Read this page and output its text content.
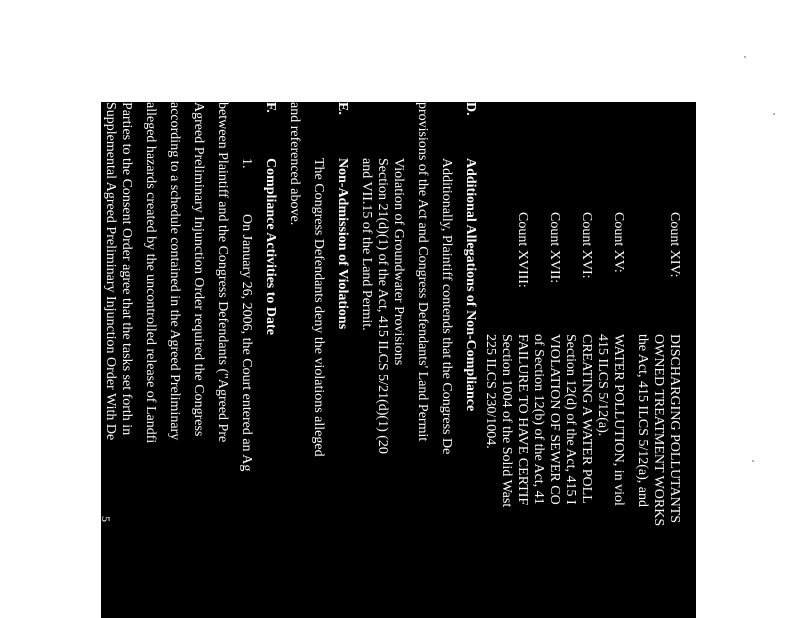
Count XIV:
DISCHARGING POLLUTANTS
OWNED TREATMENT WORKS
the Act, 415 ILCS 5/12(a), and
Count XV:
WATER POLLUTION, in viol
415 ILCS 5/12(a).
Count XVI:
CREATING A WATER POLL
Section 12(d) of the Act, 415 I
Count XVII:
VIOLATION OF SEWER CO
of Section 12(b) of the Act, 41
Count XVIII:
FAILURE TO HAVE CERTIF
Section 1004 of the Solid Wast
225 ILCS 230/1004.
D.
Additional Allegations of Non-Compliance
Additionally, Plaintiff contends that the Congress De
provisions of the Act and Congress Defendants' Land Permit
Violation of Groundwater Provisions
Section 21(d)(1) of the Act, 415 ILCS 5/21(d)(1) (20
and VII.15 of the Land Permit.
E.
Non-Admission of Violations
The Congress Defendants deny the violations alleged
and referenced above.
F.
Compliance Activities to Date
1.
On January 26, 2006, the Court entered an Ag
between Plaintiff and the Congress Defendants ("Agreed Pre
Agreed Preliminary Injunction Order required the Congress
according to a schedule contained in the Agreed Preliminary
alleged hazards created by the uncontrolled release of Landfi
Parties to the Consent Order agree that the tasks set forth in
Supplemental Agreed Preliminary Injunction Order With De
5
